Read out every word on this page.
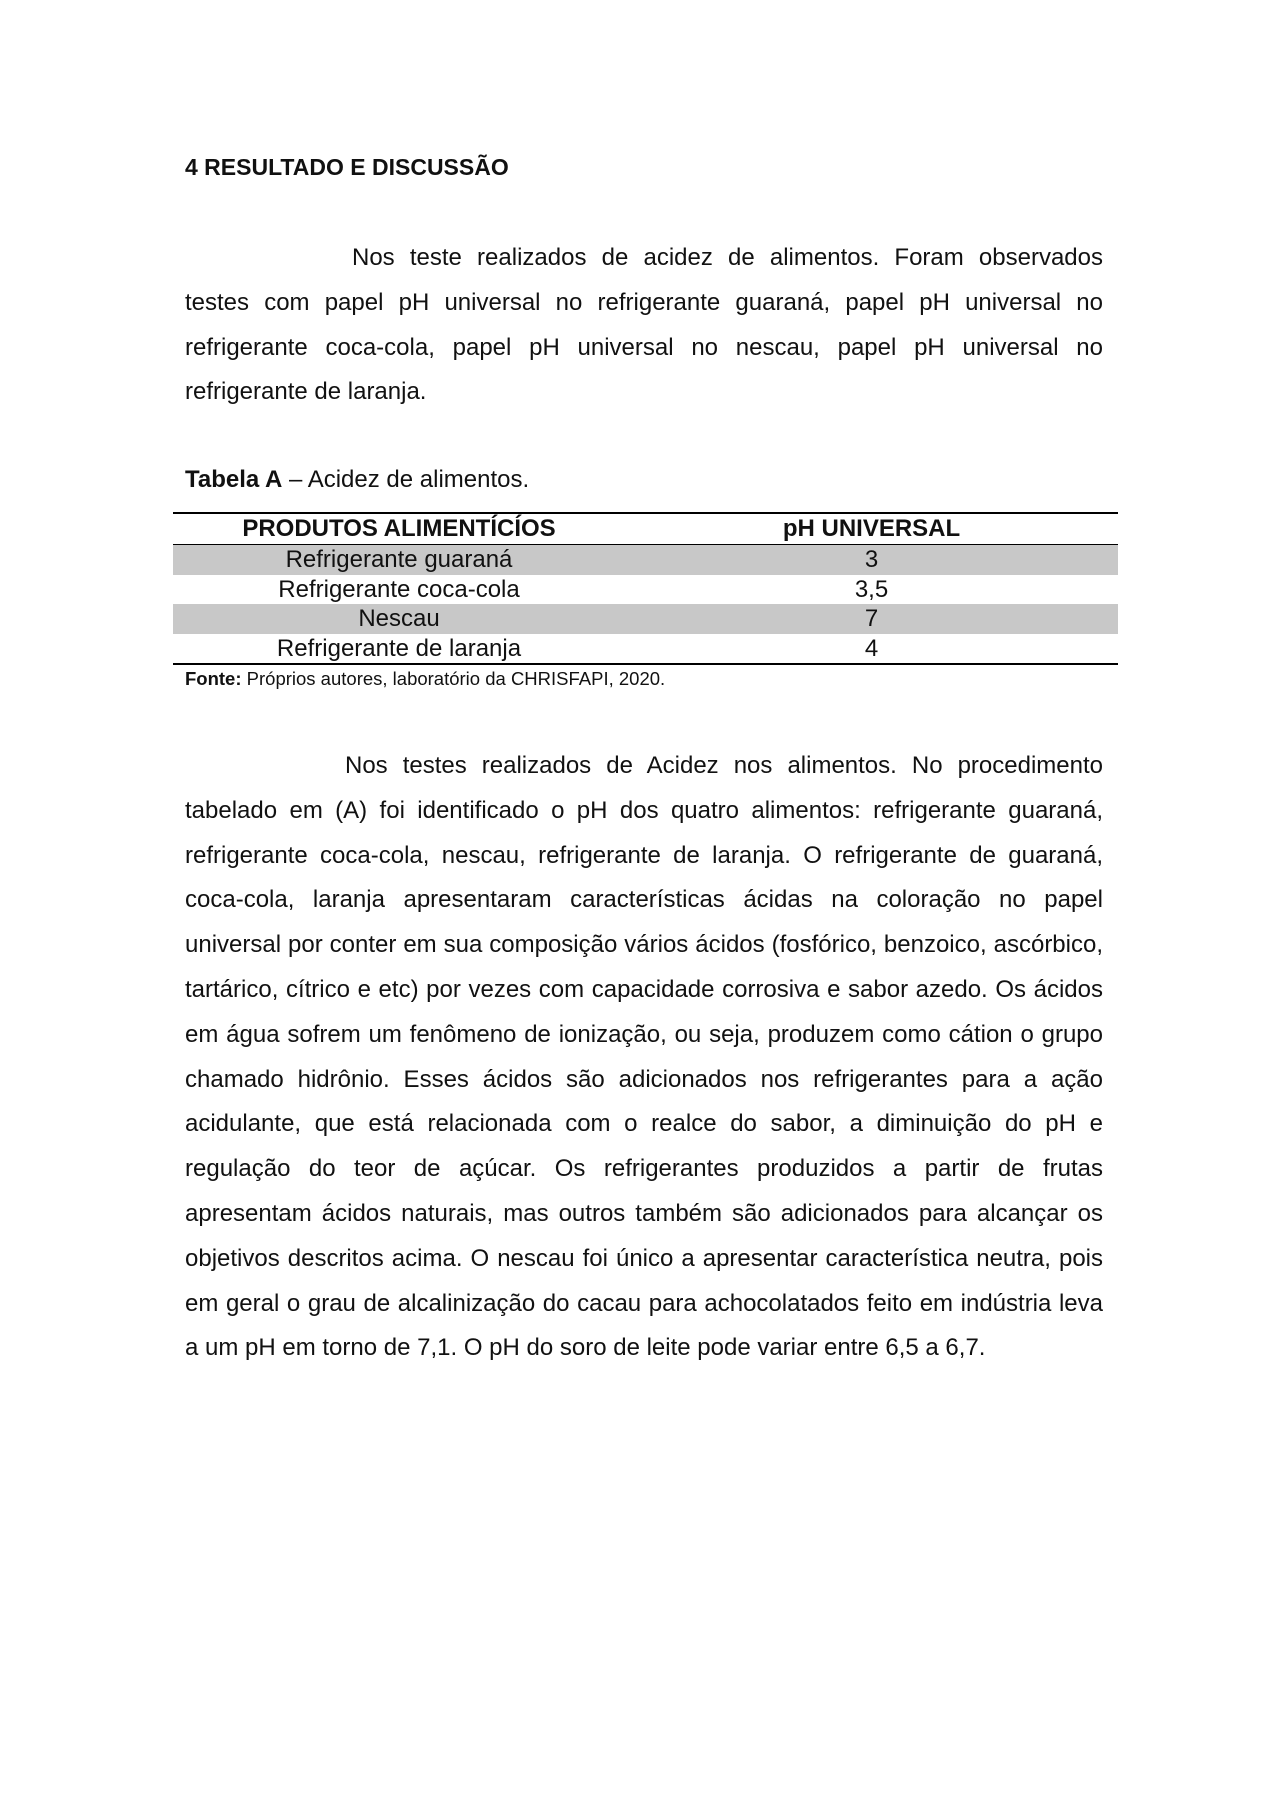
4 RESULTADO E DISCUSSÃO

Nos teste realizados de acidez de alimentos. Foram observados testes com papel pH universal no refrigerante guaraná, papel pH universal no refrigerante coca-cola, papel pH universal no nescau, papel pH universal no refrigerante de laranja.

Tabela A – Acidez de alimentos.
PRODUTOS ALIMENTÍCÍOS	pH UNIVERSAL
Refrigerante guaraná	3
Refrigerante coca-cola	3,5
Nescau	7
Refrigerante de laranja	4
Fonte: Próprios autores, laboratório da CHRISFAPI, 2020.

Nos testes realizados de Acidez nos alimentos. No procedimento tabelado em (A) foi identificado o pH dos quatro alimentos: refrigerante guaraná, refrigerante coca-cola, nescau, refrigerante de laranja. O refrigerante de guaraná, coca-cola, laranja apresentaram características ácidas na coloração no papel universal por conter em sua composição vários ácidos (fosfórico, benzoico, ascórbico, tartárico, cítrico e etc) por vezes com capacidade corrosiva e sabor azedo. Os ácidos em água sofrem um fenômeno de ionização, ou seja, produzem como cátion o grupo chamado hidrônio. Esses ácidos são adicionados nos refrigerantes para a ação acidulante, que está relacionada com o realce do sabor, a diminuição do pH e regulação do teor de açúcar. Os refrigerantes produzidos a partir de frutas apresentam ácidos naturais, mas outros também são adicionados para alcançar os objetivos descritos acima. O nescau foi único a apresentar característica neutra, pois em geral o grau de alcalinização do cacau para achocolatados feito em indústria leva a um pH em torno de 7,1. O pH do soro de leite pode variar entre 6,5 a 6,7.
